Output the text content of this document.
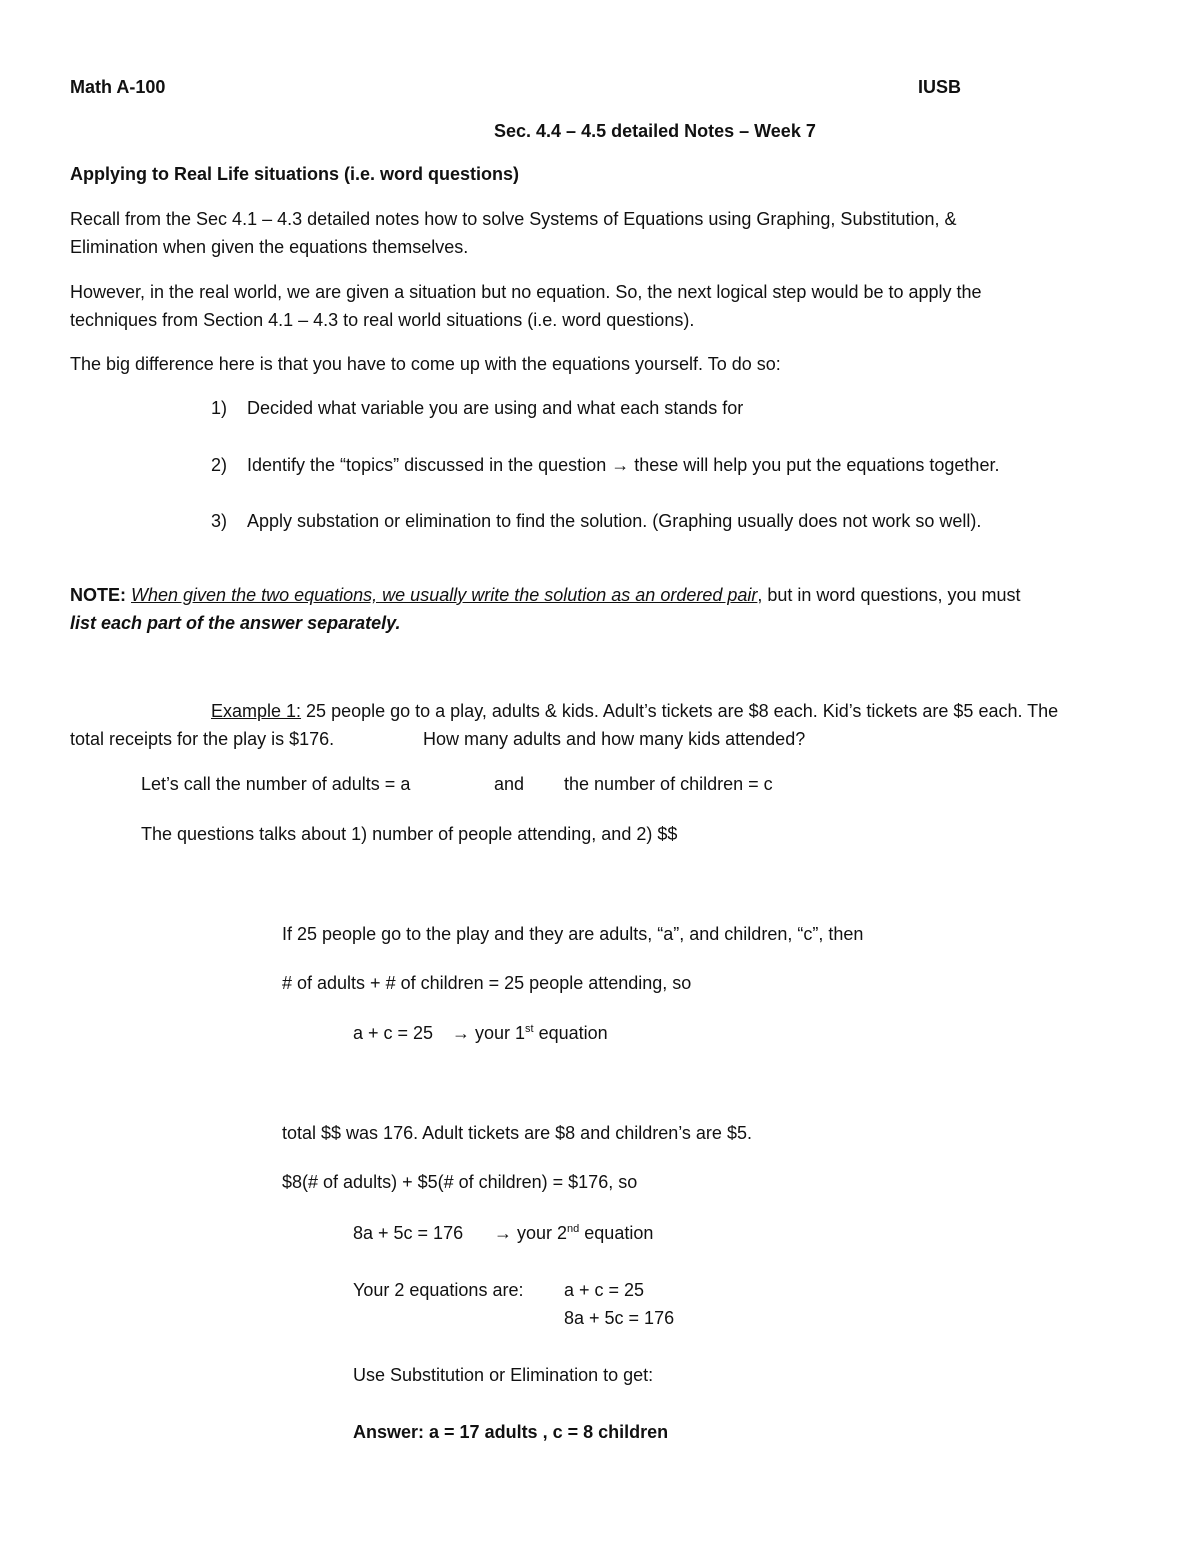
Math A-100	IUSB
Sec. 4.4 – 4.5 detailed Notes – Week 7
Applying to Real Life situations (i.e. word questions)
Recall from the Sec 4.1 – 4.3 detailed notes how to solve Systems of Equations using Graphing, Substitution, &
Elimination when given the equations themselves.
However, in the real world, we are given a situation but no equation. So, the next logical step would be to apply the
techniques from Section 4.1 – 4.3 to real world situations (i.e. word questions).
The big difference here is that you have to come up with the equations yourself. To do so:
1) Decided what variable you are using and what each stands for
2) Identify the “topics” discussed in the question → these will help you put the equations together.
3) Apply substation or elimination to find the solution. (Graphing usually does not work so well).
NOTE: When given the two equations, we usually write the solution as an ordered pair, but in word questions, you must
list each part of the answer separately.
Example 1: 25 people go to a play, adults & kids. Adult’s tickets are $8 each. Kid’s tickets are $5 each. The
total receipts for the play is $176.	How many adults and how many kids attended?
Let’s call the number of adults = a	and the number of children = c
The questions talks about 1) number of people attending, and 2) $$
If 25 people go to the play and they are adults, “a”, and children, “c”, then
# of adults + # of children = 25 people attending, so
a + c = 25 → your 1st equation
total $$ was 176. Adult tickets are $8 and children’s are $5.
$8(# of adults) + $5(# of children) = $176, so
8a + 5c = 176 → your 2nd equation
Your 2 equations are: a + c = 25
8a + 5c = 176
Use Substitution or Elimination to get:
Answer: a = 17 adults , c = 8 children
